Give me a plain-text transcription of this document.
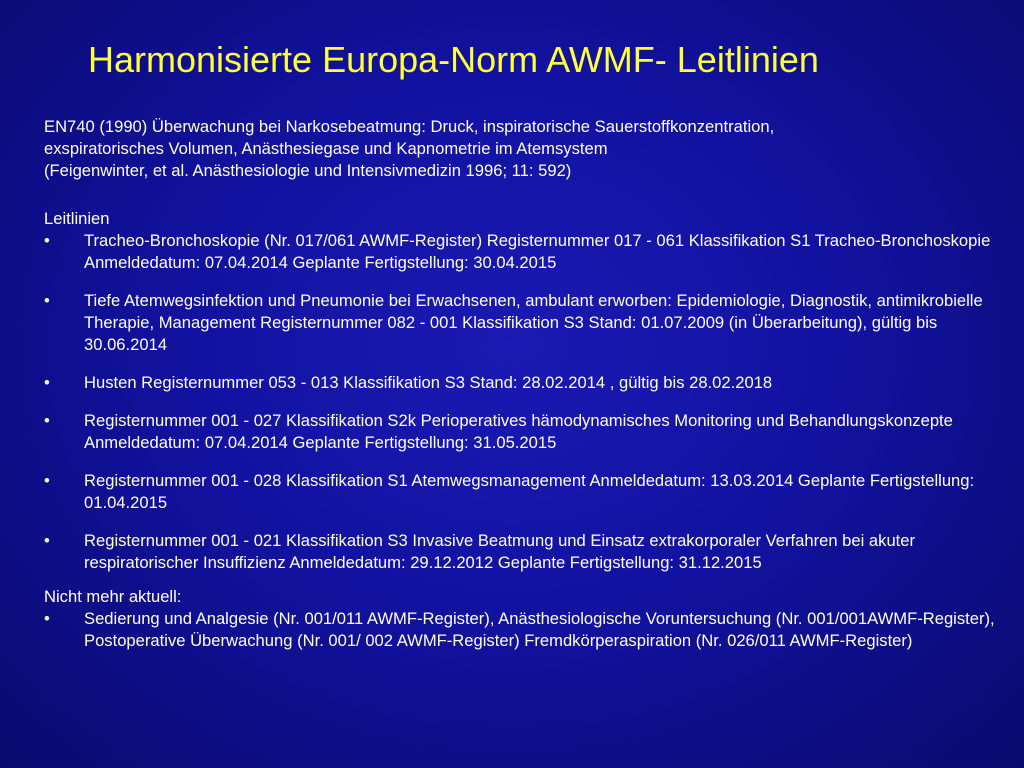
Harmonisierte Europa-Norm AWMF- Leitlinien
EN740 (1990) Überwachung bei Narkosebeatmung: Druck, inspiratorische Sauerstoffkonzentration,
exspiratorisches Volumen, Anästhesiegase und Kapnometrie im Atemsystem
(Feigenwinter, et al. Anästhesiologie und Intensivmedizin 1996; 11: 592)
Leitlinien
• Tracheo-Bronchoskopie (Nr. 017/061 AWMF-Register) Registernummer 017 - 061 Klassifikation S1 Tracheo-Bronchoskopie Anmeldedatum: 07.04.2014 Geplante Fertigstellung: 30.04.2015
• Tiefe Atemwegsinfektion und Pneumonie bei Erwachsenen, ambulant erworben: Epidemiologie, Diagnostik, antimikrobielle Therapie, Management Registernummer 082 - 001 Klassifikation S3 Stand: 01.07.2009 (in Überarbeitung), gültig bis 30.06.2014
• Husten Registernummer 053 - 013 Klassifikation S3 Stand: 28.02.2014 , gültig bis 28.02.2018
• Registernummer 001 - 027 Klassifikation S2k Perioperatives hämodynamisches Monitoring und Behandlungskonzepte Anmeldedatum: 07.04.2014 Geplante Fertigstellung: 31.05.2015
• Registernummer 001 - 028 Klassifikation S1 Atemwegsmanagement Anmeldedatum: 13.03.2014 Geplante Fertigstellung: 01.04.2015
• Registernummer 001 - 021 Klassifikation S3 Invasive Beatmung und Einsatz extrakorporaler Verfahren bei akuter respiratorischer Insuffizienz Anmeldedatum: 29.12.2012 Geplante Fertigstellung: 31.12.2015
Nicht mehr aktuell:
• Sedierung und Analgesie (Nr. 001/011 AWMF-Register), Anästhesiologische Voruntersuchung (Nr. 001/001AWMF-Register), Postoperative Überwachung (Nr. 001/ 002 AWMF-Register) Fremdkörperaspiration (Nr. 026/011 AWMF-Register)
